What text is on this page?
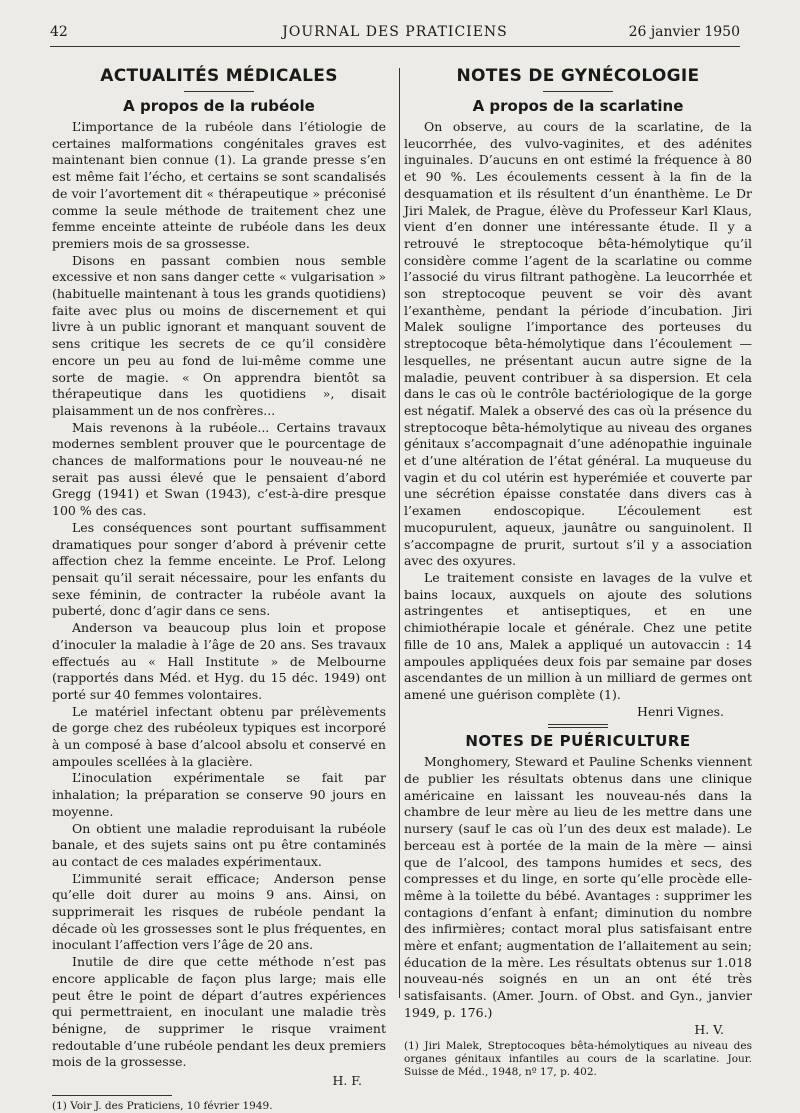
42	JOURNAL DES PRATICIENS	26 janvier 1950
ACTUALITÉS MÉDICALES
A propos de la rubéole

L’importance de la rubéole dans l’étiologie de certaines malformations congénitales graves est maintenant bien connue (1). La grande presse s’en est même fait l’écho, et certains se sont scandalisés de voir l’avortement dit « thérapeutique » préconisé comme la seule méthode de traitement chez une femme enceinte atteinte de rubéole dans les deux premiers mois de sa grossesse.

Disons en passant combien nous semble excessive et non sans danger cette « vulgarisation » (habituelle maintenant à tous les grands quotidiens) faite avec plus ou moins de discernement et qui livre à un public ignorant et manquant souvent de sens critique les secrets de ce qu’il considère encore un peu au fond de lui-même comme une sorte de magie. « On apprendra bientôt sa thérapeutique dans les quotidiens », disait plaisamment un de nos confrères...

Mais revenons à la rubéole... Certains travaux modernes semblent prouver que le pourcentage de chances de malformations pour le nouveau-né ne serait pas aussi élevé que le pensaient d’abord Gregg (1941) et Swan (1943), c’est-à-dire presque 100 % des cas.

Les conséquences sont pourtant suffisamment dramatiques pour songer d’abord à prévenir cette affection chez la femme enceinte. Le Prof. Lelong pensait qu’il serait nécessaire, pour les enfants du sexe féminin, de contracter la rubéole avant la puberté, donc d’agir dans ce sens.

Anderson va beaucoup plus loin et propose d’inoculer la maladie à l’âge de 20 ans. Ses travaux effectués au « Hall Institute » de Melbourne (rapportés dans Méd. et Hyg. du 15 déc. 1949) ont porté sur 40 femmes volontaires.

Le matériel infectant obtenu par prélèvements de gorge chez des rubéoleux typiques est incorporé à un composé à base d’alcool absolu et conservé en ampoules scellées à la glacière.

L’inoculation expérimentale se fait par inhalation; la préparation se conserve 90 jours en moyenne.

On obtient une maladie reproduisant la rubéole banale, et des sujets sains ont pu être contaminés au contact de ces malades expérimentaux.

L’immunité serait efficace; Anderson pense qu’elle doit durer au moins 9 ans. Ainsi, on supprimerait les risques de rubéole pendant la décade où les grossesses sont le plus fréquentes, en inoculant l’affection vers l’âge de 20 ans.

Inutile de dire que cette méthode n’est pas encore applicable de façon plus large; mais elle peut être le point de départ d’autres expériences qui permettraient, en inoculant une maladie très bénigne, de supprimer le risque vraiment redoutable d’une rubéole pendant les deux premiers mois de la grossesse.

H. F.

(1) Voir J. des Praticiens, 10 février 1949.

NOTES DE GYNÉCOLOGIE
A propos de la scarlatine

On observe, au cours de la scarlatine, de la leucorrhée, des vulvo-vaginites, et des adénites inguinales. D’aucuns en ont estimé la fréquence à 80 et 90 %. Les écoulements cessent à la fin de la desquamation et ils résultent d’un énanthème. Le Dr Jiri Malek, de Prague, élève du Professeur Karl Klaus, vient d’en donner une intéressante étude. Il y a retrouvé le streptocoque bêta-hémolytique qu’il considère comme l’agent de la scarlatine ou comme l’associé du virus filtrant pathogène. La leucorrhée et son streptocoque peuvent se voir dès avant l’exanthème, pendant la période d’incubation. Jiri Malek souligne l’importance des porteuses du streptocoque bêta-hémolytique dans l’écoulement — lesquelles, ne présentant aucun autre signe de la maladie, peuvent contribuer à sa dispersion. Et cela dans le cas où le contrôle bactériologique de la gorge est négatif. Malek a observé des cas où la présence du streptocoque bêta-hémolytique au niveau des organes génitaux s’accompagnait d’une adénopathie inguinale et d’une altération de l’état général. La muqueuse du vagin et du col utérin est hyperémiée et couverte par une sécrétion épaisse constatée dans divers cas à l’examen endoscopique. L’écoulement est mucopurulent, aqueux, jaunâtre ou sanguinolent. Il s’accompagne de prurit, surtout s’il y a association avec des oxyures.

Le traitement consiste en lavages de la vulve et bains locaux, auxquels on ajoute des solutions astringentes et antiseptiques, et en une chimiothérapie locale et générale. Chez une petite fille de 10 ans, Malek a appliqué un autovaccin : 14 ampoules appliquées deux fois par semaine par doses ascendantes de un million à un milliard de germes ont amené une guérison complète (1).

Henri Vignes.
NOTES DE PUÉRICULTURE

Monghomery, Steward et Pauline Schenks viennent de publier les résultats obtenus dans une clinique américaine en laissant les nouveau-nés dans la chambre de leur mère au lieu de les mettre dans une nursery (sauf le cas où l’un des deux est malade). Le berceau est à portée de la main de la mère — ainsi que de l’alcool, des tampons humides et secs, des compresses et du linge, en sorte qu’elle procède elle-même à la toilette du bébé. Avantages : supprimer les contagions d’enfant à enfant; diminution du nombre des infirmières; contact moral plus satisfaisant entre mère et enfant; augmentation de l’allaitement au sein; éducation de la mère. Les résultats obtenus sur 1.018 nouveau-nés soignés en un an ont été très satisfaisants. (Amer. Journ. of Obst. and Gyn., janvier 1949, p. 176.)

H. V.

(1) Jiri Malek, Streptocoques bêta-hémolytiques au niveau des organes génitaux infantiles au cours de la scarlatine. Jour. Suisse de Méd., 1948, nº 17, p. 402.
